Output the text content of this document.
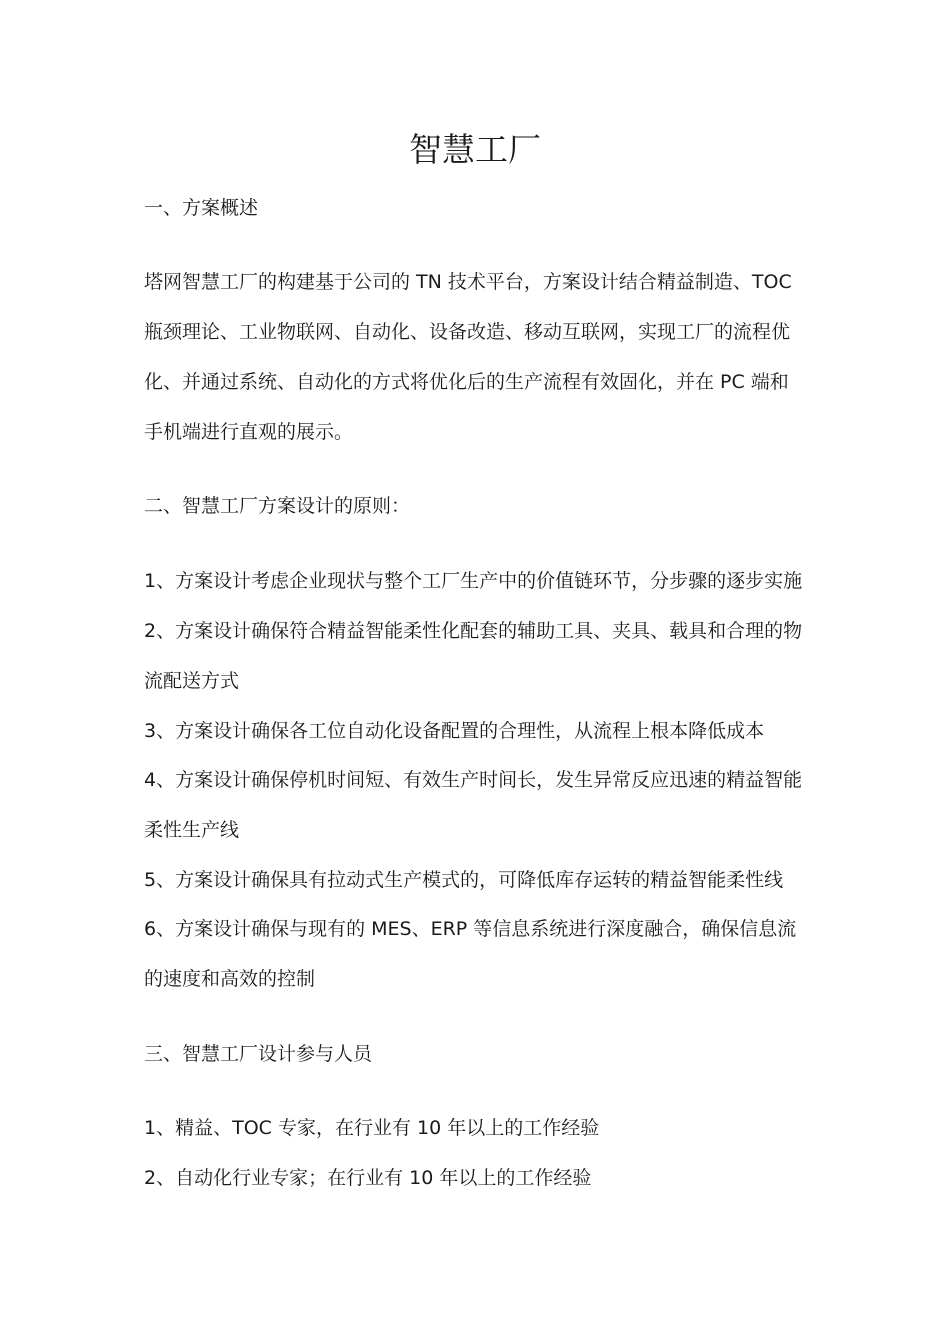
智慧工厂

一、方案概述

塔网智慧工厂的构建基于公司的 TN 技术平台，方案设计结合精益制造、TOC

瓶颈理论、工业物联网、自动化、设备改造、移动互联网，实现工厂的流程优

化、并通过系统、自动化的方式将优化后的生产流程有效固化，并在 PC 端和

手机端进行直观的展示。

二、智慧工厂方案设计的原则：

1、方案设计考虑企业现状与整个工厂生产中的价值链环节，分步骤的逐步实施

2、方案设计确保符合精益智能柔性化配套的辅助工具、夹具、载具和合理的物

流配送方式

3、方案设计确保各工位自动化设备配置的合理性，从流程上根本降低成本

4、方案设计确保停机时间短、有效生产时间长，发生异常反应迅速的精益智能

柔性生产线

5、方案设计确保具有拉动式生产模式的，可降低库存运转的精益智能柔性线

6、方案设计确保与现有的 MES、ERP 等信息系统进行深度融合，确保信息流

的速度和高效的控制

三、智慧工厂设计参与人员

1、精益、TOC 专家，在行业有 10 年以上的工作经验

2、自动化行业专家；在行业有 10 年以上的工作经验
